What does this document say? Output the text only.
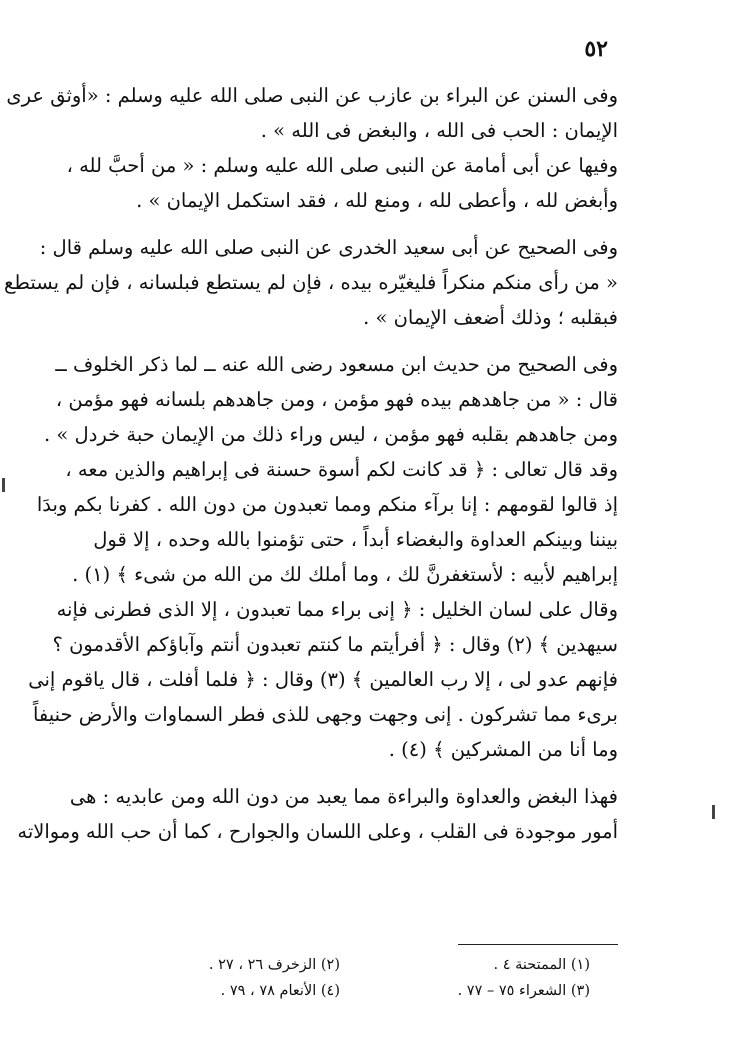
٥٢
وفى السنن عن البراء بن عازب عن النبى صلى الله عليه وسلم : «أوثق عرى
الإيمان : الحب فى الله ، والبغض فى الله » .
وفيها عن أبى أمامة عن النبى صلى الله عليه وسلم : « من أحبَّ لله ،
وأبغض لله ، وأعطى لله ، ومنع لله ، فقد استكمل الإيمان » .
وفى الصحيح عن أبى سعيد الخدرى عن النبى صلى الله عليه وسلم قال :
« من رأى منكم منكراً فليغيّره بيده ، فإن لم يستطع فبلسانه ، فإن لم يستطع
فبقلبه ؛ وذلك أضعف الإيمان » .
وفى الصحيح من حديث ابن مسعود رضى الله عنه ــ لما ذكر الخلوف ــ
قال : « من جاهدهم بيده فهو مؤمن ، ومن جاهدهم بلسانه فهو مؤمن ،
ومن جاهدهم بقلبه فهو مؤمن ، ليس وراء ذلك من الإيمان حبة خردل » .
وقد قال تعالى : ﴿ قد كانت لكم أسوة حسنة فى إبراهيم والذين معه ،
إذ قالوا لقومهم : إنا برآء منكم ومما تعبدون من دون الله . كفرنا بكم وبدَا
بيننا وبينكم العداوة والبغضاء أبداً ، حتى تؤمنوا بالله وحده ، إلا قول
إبراهيم لأبيه : لأستغفرنَّ لك ، وما أملك لك من الله من شىء ﴾ (١) .
وقال على لسان الخليل : ﴿ إنى براء مما تعبدون ، إلا الذى فطرنى فإنه
سيهدين ﴾ (٢) وقال : ﴿ أفرأيتم ما كنتم تعبدون أنتم وآباؤكم الأقدمون ؟
فإنهم عدو لى ، إلا رب العالمين ﴾ (٣) وقال : ﴿ فلما أفلت ، قال ياقوم إنى
برىء مما تشركون . إنى وجهت وجهى للذى فطر السماوات والأرض حنيفاً
وما أنا من المشركين ﴾ (٤) .
فهذا البغض والعداوة والبراءة مما يعبد من دون الله ومن عابديه : هى
أمور موجودة فى القلب ، وعلى اللسان والجوارح ، كما أن حب الله وموالاته
(١) الممتحنة ٤ .
(٢) الزخرف ٢٦ ، ٢٧ .
(٣) الشعراء ٧٥ – ٧٧ .
(٤) الأنعام ٧٨ ، ٧٩ .
